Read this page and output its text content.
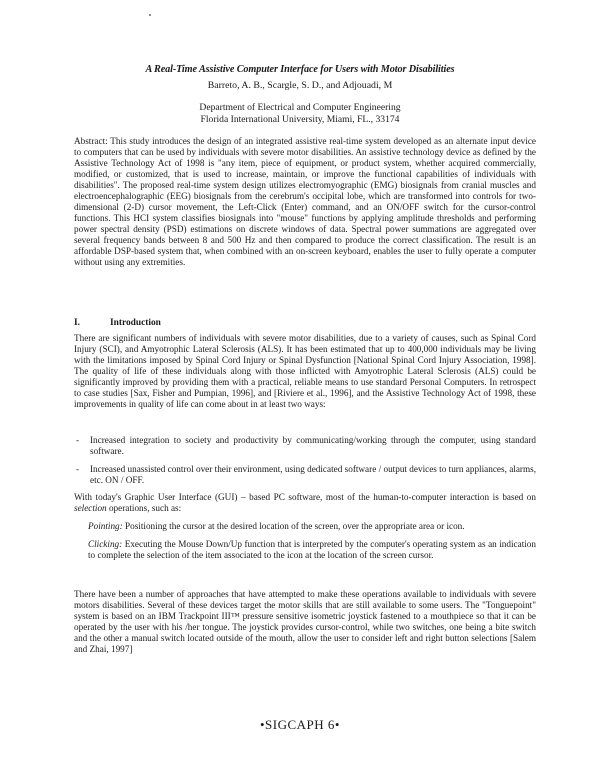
A Real-Time Assistive Computer Interface for Users with Motor Disabilities
Barreto, A. B., Scargle, S. D., and Adjouadi, M
Department of Electrical and Computer Engineering
Florida International University, Miami, FL., 33174
Abstract: This study introduces the design of an integrated assistive real-time system developed as an alternate input device to computers that can be used by individuals with severe motor disabilities. An assistive technology device as defined by the Assistive Technology Act of 1998 is "any item, piece of equipment, or product system, whether acquired commercially, modified, or customized, that is used to increase, maintain, or improve the functional capabilities of individuals with disabilities". The proposed real-time system design utilizes electromyographic (EMG) biosignals from cranial muscles and electroencephalographic (EEG) biosignals from the cerebrum's occipital lobe, which are transformed into controls for two-dimensional (2-D) cursor movement, the Left-Click (Enter) command, and an ON/OFF switch for the cursor-control functions. This HCI system classifies biosignals into "mouse" functions by applying amplitude thresholds and performing power spectral density (PSD) estimations on discrete windows of data. Spectral power summations are aggregated over several frequency bands between 8 and 500 Hz and then compared to produce the correct classification. The result is an affordable DSP-based system that, when combined with an on-screen keyboard, enables the user to fully operate a computer without using any extremities.
I.	Introduction
There are significant numbers of individuals with severe motor disabilities, due to a variety of causes, such as Spinal Cord Injury (SCI), and Amyotrophic Lateral Sclerosis (ALS). It has been estimated that up to 400,000 individuals may be living with the limitations imposed by Spinal Cord Injury or Spinal Dysfunction [National Spinal Cord Injury Association, 1998]. The quality of life of these individuals along with those inflicted with Amyotrophic Lateral Sclerosis (ALS) could be significantly improved by providing them with a practical, reliable means to use standard Personal Computers. In retrospect to case studies [Sax, Fisher and Pumpian, 1996], and [Riviere et al., 1996], and the Assistive Technology Act of 1998, these improvements in quality of life can come about in at least two ways:
- Increased integration to society and productivity by communicating/working through the computer, using standard software.
- Increased unassisted control over their environment, using dedicated software / output devices to turn appliances, alarms, etc. ON / OFF.
With today's Graphic User Interface (GUI) – based PC software, most of the human-to-computer interaction is based on selection operations, such as:
Pointing: Positioning the cursor at the desired location of the screen, over the appropriate area or icon.
Clicking: Executing the Mouse Down/Up function that is interpreted by the computer's operating system as an indication to complete the selection of the item associated to the icon at the location of the screen cursor.
There have been a number of approaches that have attempted to make these operations available to individuals with severe motors disabilities. Several of these devices target the motor skills that are still available to some users. The "Tonguepoint" system is based on an IBM Trackpoint III™ pressure sensitive isometric joystick fastened to a mouthpiece so that it can be operated by the user with his /her tongue. The joystick provides cursor-control, while two switches, one being a bite switch and the other a manual switch located outside of the mouth, allow the user to consider left and right button selections [Salem and Zhai, 1997]
•SIGCAPH 6•
